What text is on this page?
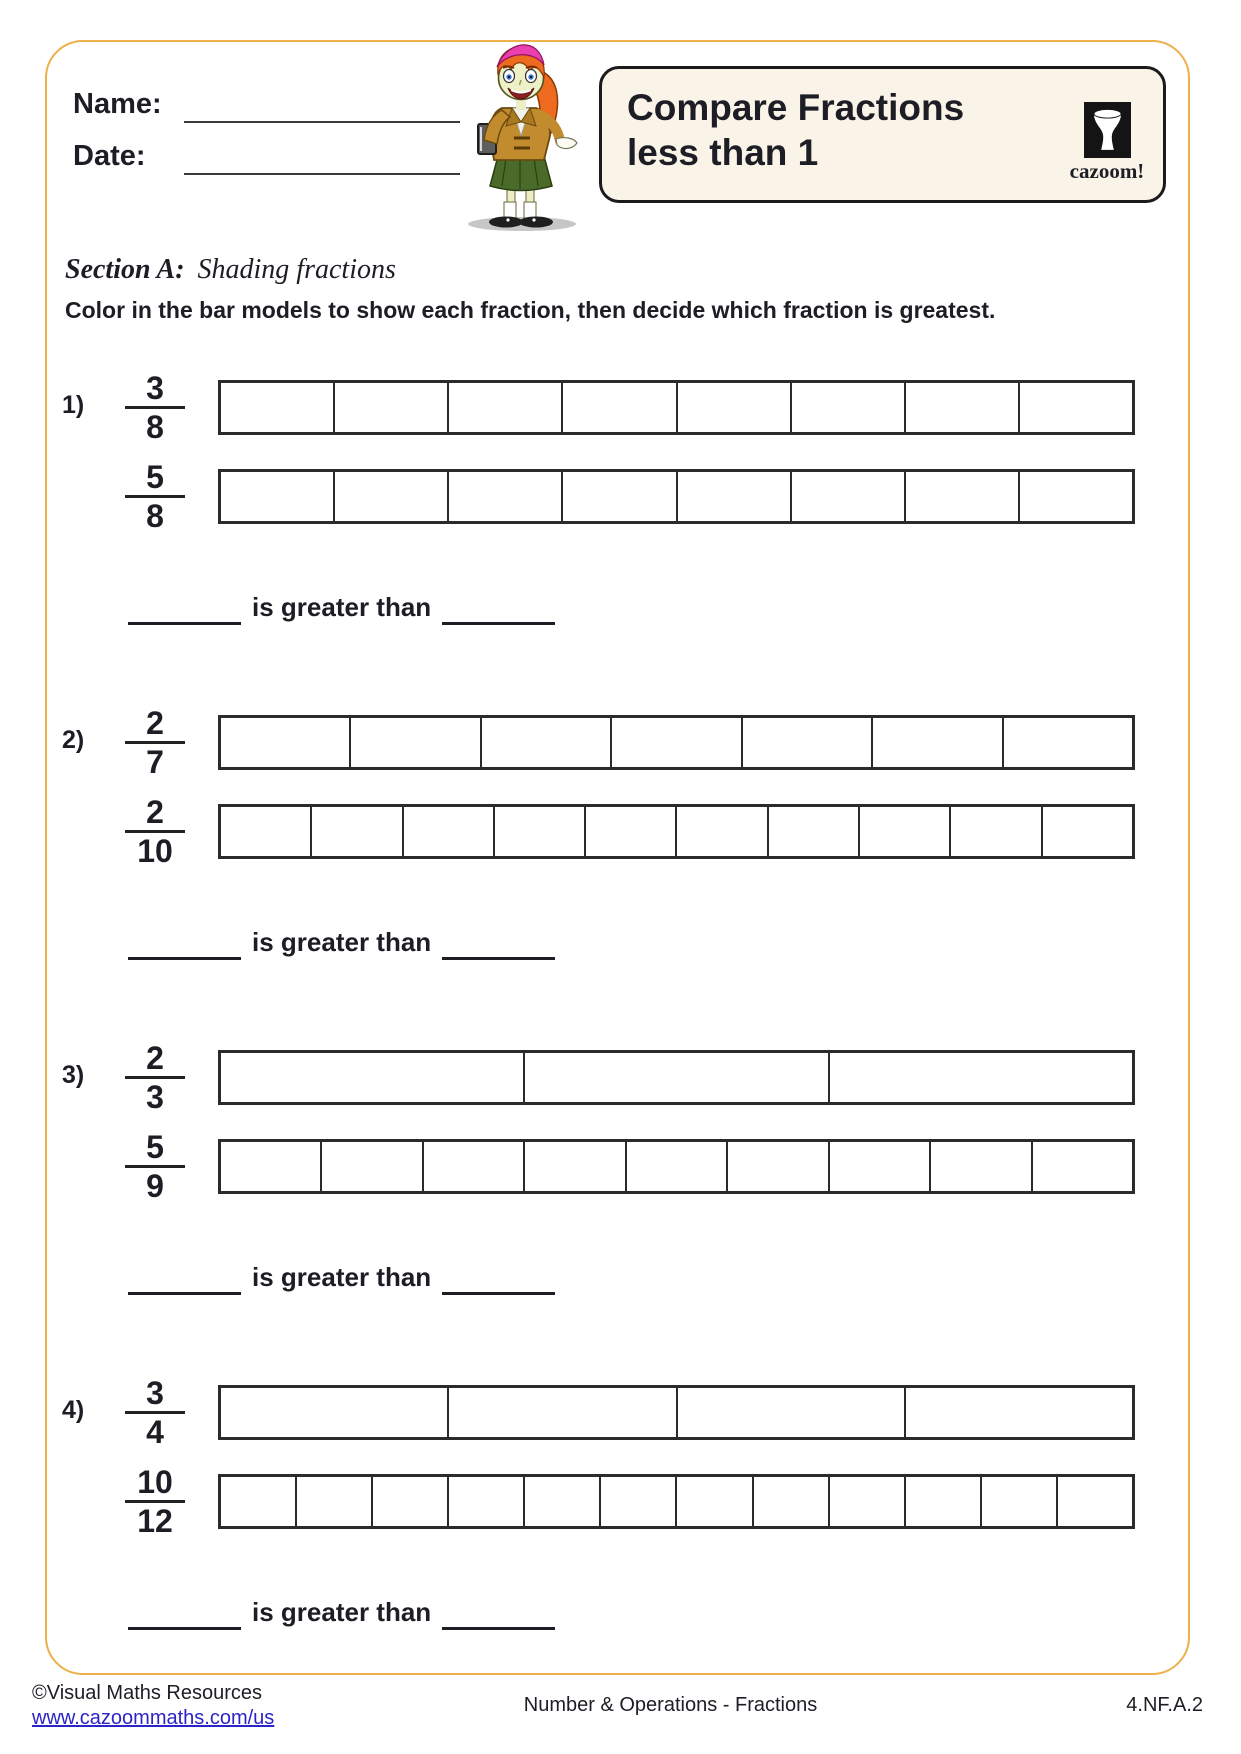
Name:
Date:
Compare Fractions
less than 1	cazoom!
Section A: Shading fractions
Color in the bar models to show each fraction, then decide which fraction is greatest.
$1) \frac{3}{8}$
$\frac{5}{8}$
is greater than
$2) \frac{2}{7}$
$\frac{2}{10}$
is greater than
$3) \frac{2}{3}$
$\frac{5}{9}$
is greater than
$4) \frac{3}{4}$
$\frac{10}{12}$
is greater than
©Visual Maths Resources
www.cazoommaths.com/us
Number & Operations - Fractions	4.NF.A.2
